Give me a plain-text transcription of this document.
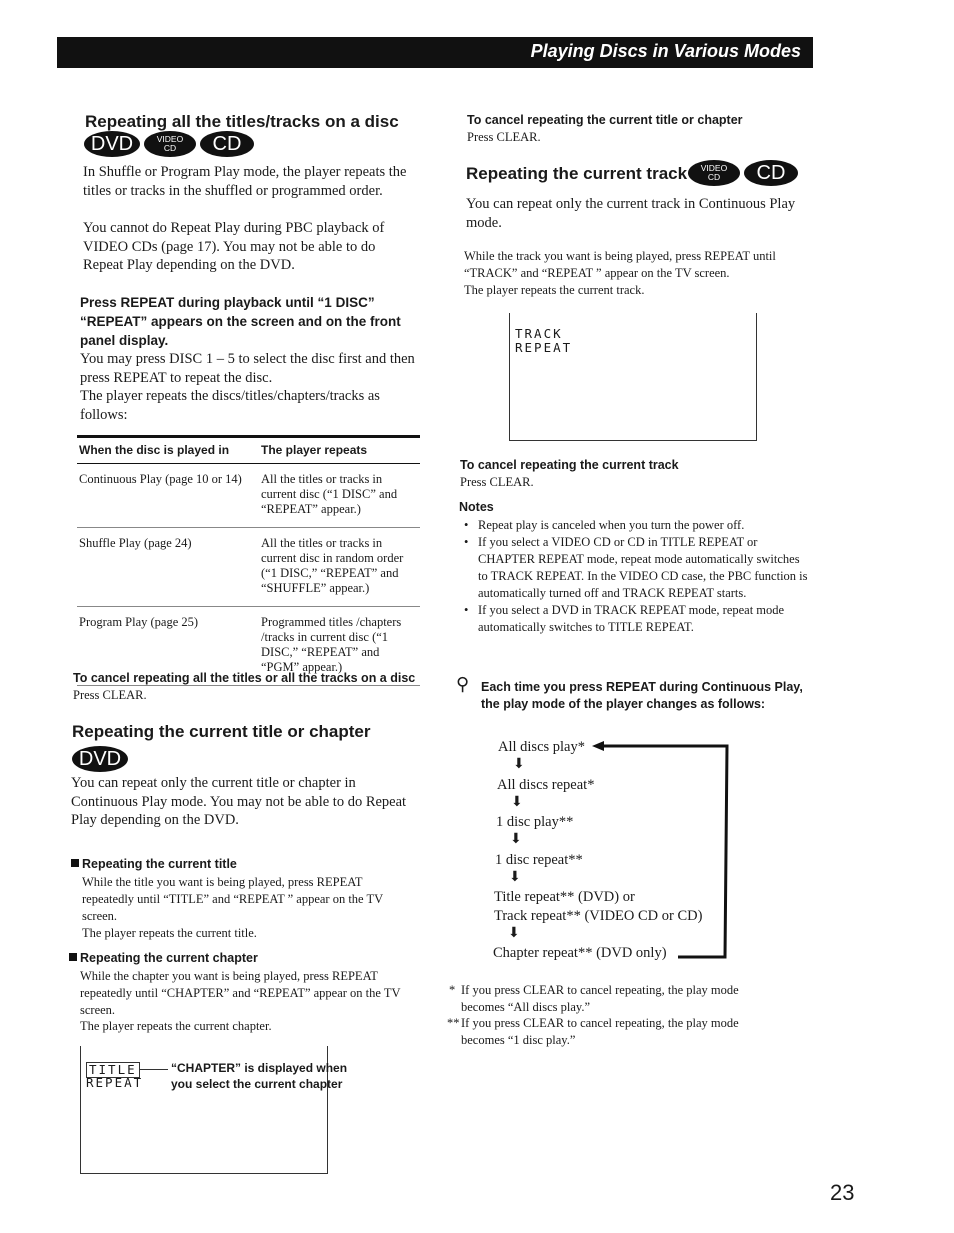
Playing Discs in Various Modes
Repeating all the titles/tracks on a disc
DVD	VIDEO
CD CD
In Shuffle or Program Play mode, the player repeats the titles or tracks in the shuffled or programmed order.
You cannot do Repeat Play during PBC playback of VIDEO CDs (page 17). You may not be able to do Repeat Play depending on the DVD.
Press REPEAT during playback until “1 DISC” “REPEAT” appears on the screen and on the front panel display.
You may press DISC 1 – 5 to select the disc first and then press REPEAT to repeat the disc.
The player repeats the discs/titles/chapters/tracks as follows:
When the disc is played in	The player repeats
Continuous Play (page 10 or 14)	All the titles or tracks in current disc (“1 DISC” and “REPEAT” appear.)
Shuffle Play (page 24)	All the titles or tracks in current disc in random order (“1 DISC,” “REPEAT” and “SHUFFLE” appear.)
Program Play (page 25)	Programmed titles /chapters /tracks in current disc (“1 DISC,” “REPEAT” and “PGM” appear.)
To cancel repeating all the titles or all the tracks on a disc
Press CLEAR.
Repeating the current title or chapter
DVD
You can repeat only the current title or chapter in Continuous Play mode. You may not be able to do Repeat Play depending on the DVD.
Repeating the current title
While the title you want is being played, press REPEAT repeatedly until “TITLE” and “REPEAT ” appear on the TV screen.
The player repeats the current title.
Repeating the current chapter
While the chapter you want is being played, press REPEAT repeatedly until “CHAPTER” and “REPEAT” appear on the TV screen.
The player repeats the current chapter.
TITLE
REPEAT
“CHAPTER” is displayed when you select the current chapter
To cancel repeating the current title or chapter
Press CLEAR.
Repeating the current track	VIDEO
CD CD
You can repeat only the current track in Continuous Play mode.
While the track you want is being played, press REPEAT until “TRACK” and “REPEAT ” appear on the TV screen.
The player repeats the current track.
TRACK
REPEAT
To cancel repeating the current track
Press CLEAR.
Notes
• Repeat play is canceled when you turn the power off.
• If you select a VIDEO CD or CD in TITLE REPEAT or CHAPTER REPEAT mode, repeat mode automatically switches to TRACK REPEAT. In the VIDEO CD case, the PBC function is automatically turned off and TRACK REPEAT starts.
• If you select a DVD in TRACK REPEAT mode, repeat mode automatically switches to TITLE REPEAT.
⚲ Each time you press REPEAT during Continuous Play, the play mode of the player changes as follows:
All discs play*
⬇
All discs repeat*
⬇
1 disc play**
⬇
1 disc repeat**
⬇
Title repeat** (DVD) or
Track repeat** (VIDEO CD or CD)
⬇
Chapter repeat** (DVD only)
* If you press CLEAR to cancel repeating, the play mode becomes “All discs play.”
** If you press CLEAR to cancel repeating, the play mode becomes “1 disc play.”
23
